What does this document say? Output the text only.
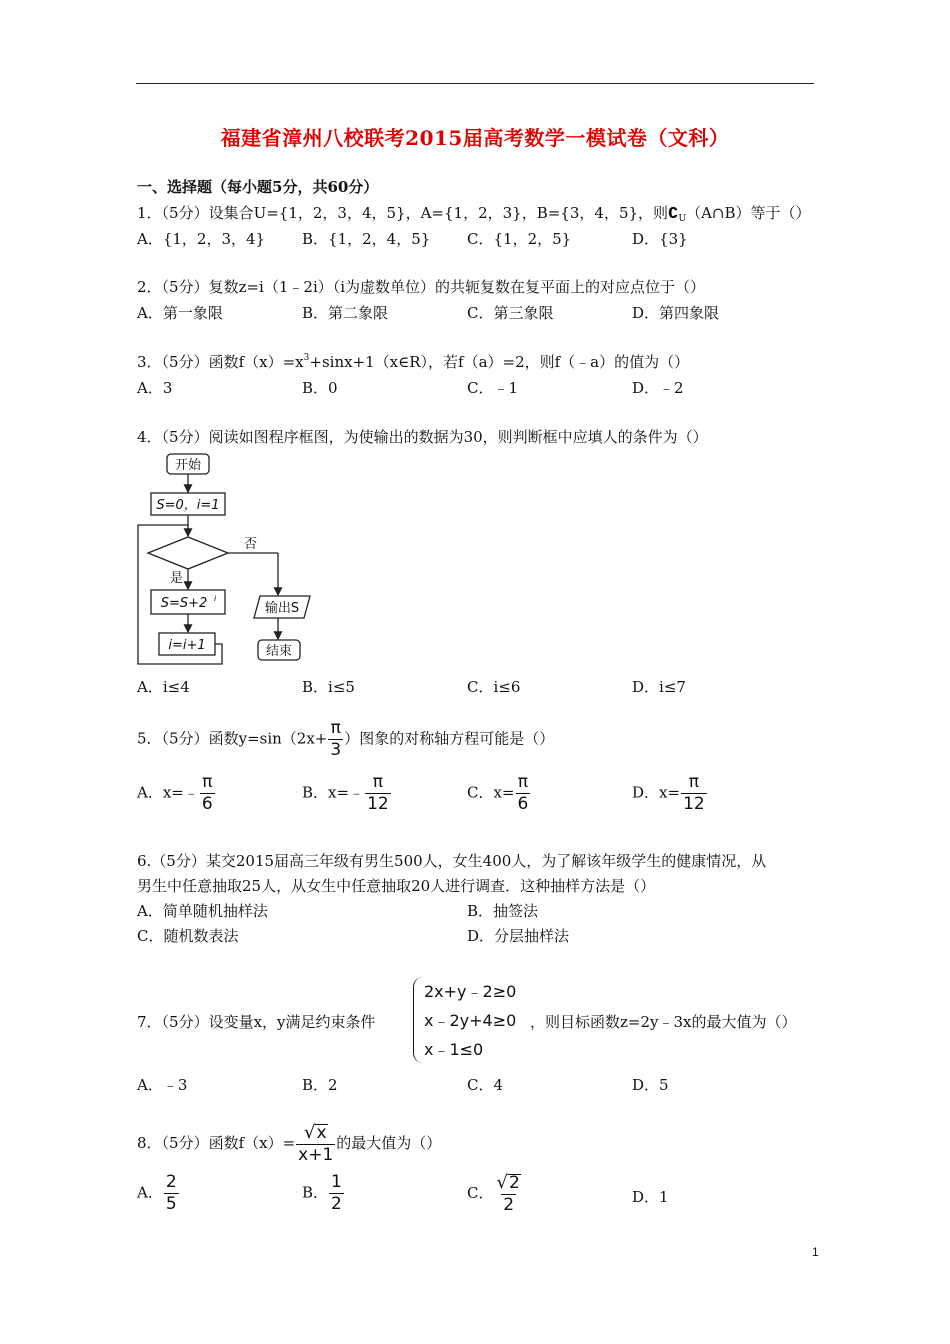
福建省漳州八校联考2015届高考数学一模试卷（文科）
一、选择题（每小题5分，共60分）
1．（5分）设集合U={1，2，3，4，5}，A={1，2，3}，B={3，4，5}，则$∁_U(A\cap B)$等于（）
A．{1，2，3，4} B．{1，2，4，5} C．{1，2，5}	D．{3}
2．（5分）复数z=i（1﹣2i）（i为虚数单位）的共轭复数在复平面上的对应点位于（）
A．第一象限	B．第二象限	C．第三象限	D．第四象限
3．（5分）函数$f(x)=x^3+\sin x+1(x\in R)$，若f（a）=2，则f（﹣a）的值为（）
A．3	B．0	C．﹣1	D．﹣2
4．（5分）阅读如图程序框图，为使输出的数据为30，则判断框中应填人的条件为（）
开始
S=0，i=1
否
是
S=S+2 i
i=i+1
输出S
结束
A．i≤4	B．i≤5	C．i≤6	D．i≤7
5．（5分）函数$y=\sin(2x+ \frac{\pi}{3}$ ）图象的对称轴方程可能是（）
A．x=﹣ $\frac{\pi}{6}$	B．x=﹣ $\frac{\pi}{12}$	C．$x= \frac{\pi}{6}$	D．$x= \frac{\pi}{12}$
6.（5分）某交2015届高三年级有男生500人，女生400人，为了解该年级学生的健康情况，从
男生中任意抽取25人，从女生中任意抽取20人进行调查．这种抽样方法是（）
A．简单随机抽样法	B．抽签法
C．随机数表法	D．分层抽样法
7．（5分）设变量x，y满足约束条件
2x+y﹣2≥0
x﹣2y+4≥0
x﹣1≤0
，则目标函数z=2y﹣3x的最大值为（）
A．﹣3	B．2	C．4	D．5
8．（5分）函数$f(x)= \frac{√ x}{x+1}$ 的最大值为（）
A． $\frac{2}{5}$	B． $\frac{1}{2}$	C． $\frac{√ 2}{2}$	D．1
1
